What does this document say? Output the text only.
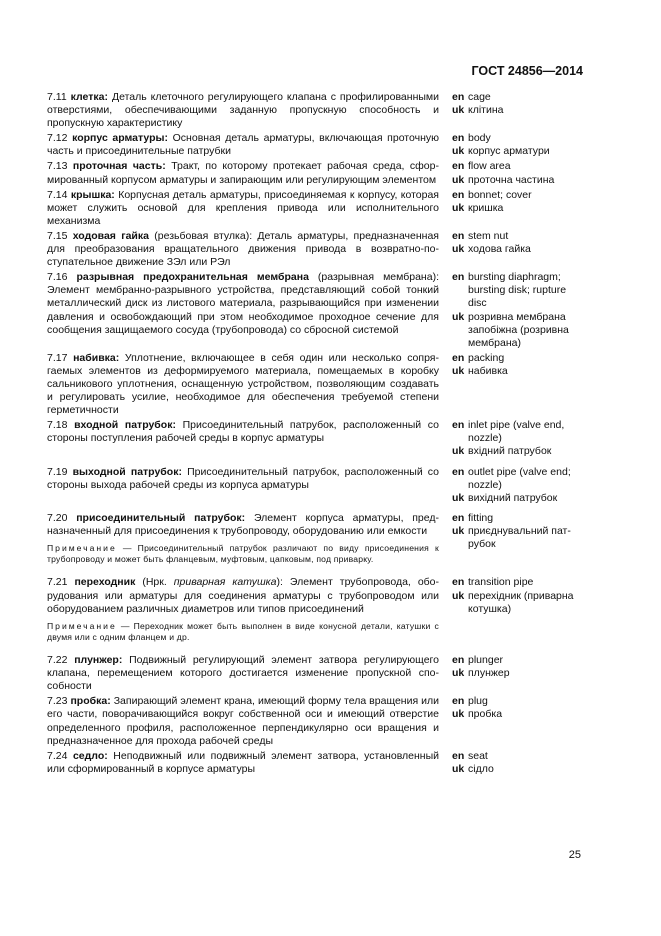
ГОСТ 24856—2014
7.11 клетка: Деталь клеточного регулирующего клапана с профилированными отверстиями, обеспечивающими заданную пропускную способность и пропускную характеристику
en cage
uk клітина
7.12 корпус арматуры: Основная деталь арматуры, включающая проточную часть и присоединительные патрубки
en body
uk корпус арматури
7.13 проточная часть: Тракт, по которому протекает рабочая среда, сформированный корпусом арматуры и запирающим или регулирующим элементом
en flow area
uk проточна частина
7.14 крышка: Корпусная деталь арматуры, присоединяемая к корпусу, которая может служить основой для крепления привода или исполнительного механизма
en bonnet; cover
uk кришка
7.15 ходовая гайка (резьбовая втулка): Деталь арматуры, предназначенная для преобразования вращательного движения привода в возвратно-поступательное движение ЗЭл или РЭл
en stem nut
uk ходова гайка
7.16 разрывная предохранительная мембрана (разрывная мембрана): Элемент мембранно-разрывного устройства, представляющий собой тонкий металлический диск из листового материала, разрывающийся при изменении давления и освобождающий при этом необходимое проходное сечение для сообщения защищаемого сосуда (трубопровода) со сбросной системой
en bursting diaphragm; bursting disk; rupture disc
uk розривна мембрана запобіжна (розривна мембрана)
7.17 набивка: Уплотнение, включающее в себя один или несколько сопрягаемых элементов из деформируемого материала, помещаемых в коробку сальникового уплотнения, оснащенную устройством, позволяющим создавать и регулировать усилие, необходимое для обеспечения требуемой степени герметичности
en packing
uk набивка
7.18 входной патрубок: Присоединительный патрубок, расположенный со стороны поступления рабочей среды в корпус арматуры
en inlet pipe (valve end, nozzle)
uk вхідний патрубок
7.19 выходной патрубок: Присоединительный патрубок, расположенный со стороны выхода рабочей среды из корпуса арматуры
en outlet pipe (valve end; nozzle)
uk вихідний патрубок
7.20 присоединительный патрубок: Элемент корпуса арматуры, предназначенный для присоединения к трубопроводу, оборудованию или емкости
Примечание — Присоединительный патрубок различают по виду присоединения к трубопроводу и может быть фланцевым, муфтовым, цапковым, под приварку.
en fitting
uk приєднувальний патрубок
7.21 переходник (Нрк. приварная катушка): Элемент трубопровода, оборудования или арматуры для соединения арматуры с трубопроводом или оборудованием различных диаметров или типов присоединений
Примечание — Переходник может быть выполнен в виде конусной детали, катушки с двумя или с одним фланцем и др.
en transition pipe
uk перехідник (приварна котушка)
7.22 плунжер: Подвижный регулирующий элемент затвора регулирующего клапана, перемещением которого достигается изменение пропускной способности
en plunger
uk плунжер
7.23 пробка: Запирающий элемент крана, имеющий форму тела вращения или его части, поворачивающийся вокруг собственной оси и имеющий отверстие определенного профиля, расположенное перпендикулярно оси вращения и предназначенное для прохода рабочей среды
en plug
uk пробка
7.24 седло: Неподвижный или подвижный элемент затвора, установленный или сформированный в корпусе арматуры
en seat
uk сідло
25
